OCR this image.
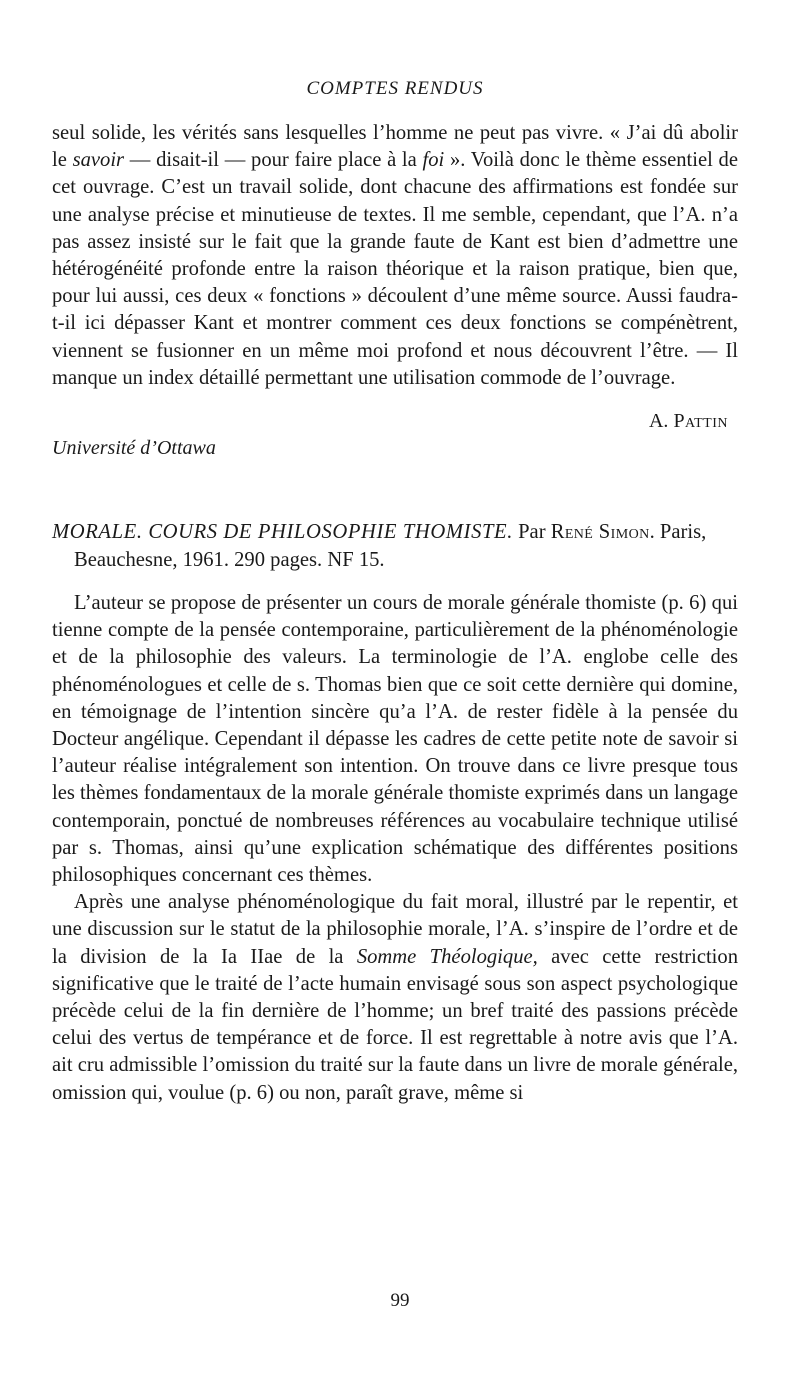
COMPTES RENDUS

seul solide, les vérités sans lesquelles l’homme ne peut pas vivre. « J’ai dû abolir le savoir — disait-il — pour faire place à la foi ». Voilà donc le thème essentiel de cet ouvrage. C’est un travail solide, dont chacune des affirmations est fondée sur une analyse précise et minutieuse de textes. Il me semble, cependant, que l’A. n’a pas assez insisté sur le fait que la grande faute de Kant est bien d’admettre une hétérogénéité profonde entre la raison théorique et la raison pratique, bien que, pour lui aussi, ces deux « fonctions » découlent d’une même source. Aussi faudra-t-il ici dépasser Kant et montrer comment ces deux fonctions se compénètrent, viennent se fusionner en un même moi profond et nous découvrent l’être. — Il manque un index détaillé permettant une utilisation commode de l’ouvrage.

A. Pattin
Université d’Ottawa
MORALE. COURS DE PHILOSOPHIE THOMISTE. Par René Simon. Paris, Beauchesne, 1961. 290 pages. NF 15.

L’auteur se propose de présenter un cours de morale générale thomiste (p. 6) qui tienne compte de la pensée contemporaine, particulièrement de la phénoménologie et de la philosophie des valeurs. La terminologie de l’A. englobe celle des phénoménologues et celle de s. Thomas bien que ce soit cette dernière qui domine, en témoignage de l’intention sincère qu’a l’A. de rester fidèle à la pensée du Docteur angélique. Cependant il dépasse les cadres de cette petite note de savoir si l’auteur réalise intégralement son intention. On trouve dans ce livre presque tous les thèmes fondamentaux de la morale générale thomiste exprimés dans un langage contemporain, ponctué de nombreuses références au vocabulaire technique utilisé par s. Thomas, ainsi qu’une explication schématique des différentes positions philosophiques concernant ces thèmes.

Après une analyse phénoménologique du fait moral, illustré par le repentir, et une discussion sur le statut de la philosophie morale, l’A. s’inspire de l’ordre et de la division de la Ia IIae de la Somme Théologique, avec cette restriction significative que le traité de l’acte humain envisagé sous son aspect psychologique précède celui de la fin dernière de l’homme; un bref traité des passions précède celui des vertus de tempérance et de force. Il est regrettable à notre avis que l’A. ait cru admissible l’omission du traité sur la faute dans un livre de morale générale, omission qui, voulue (p. 6) ou non, paraît grave, même si

99
